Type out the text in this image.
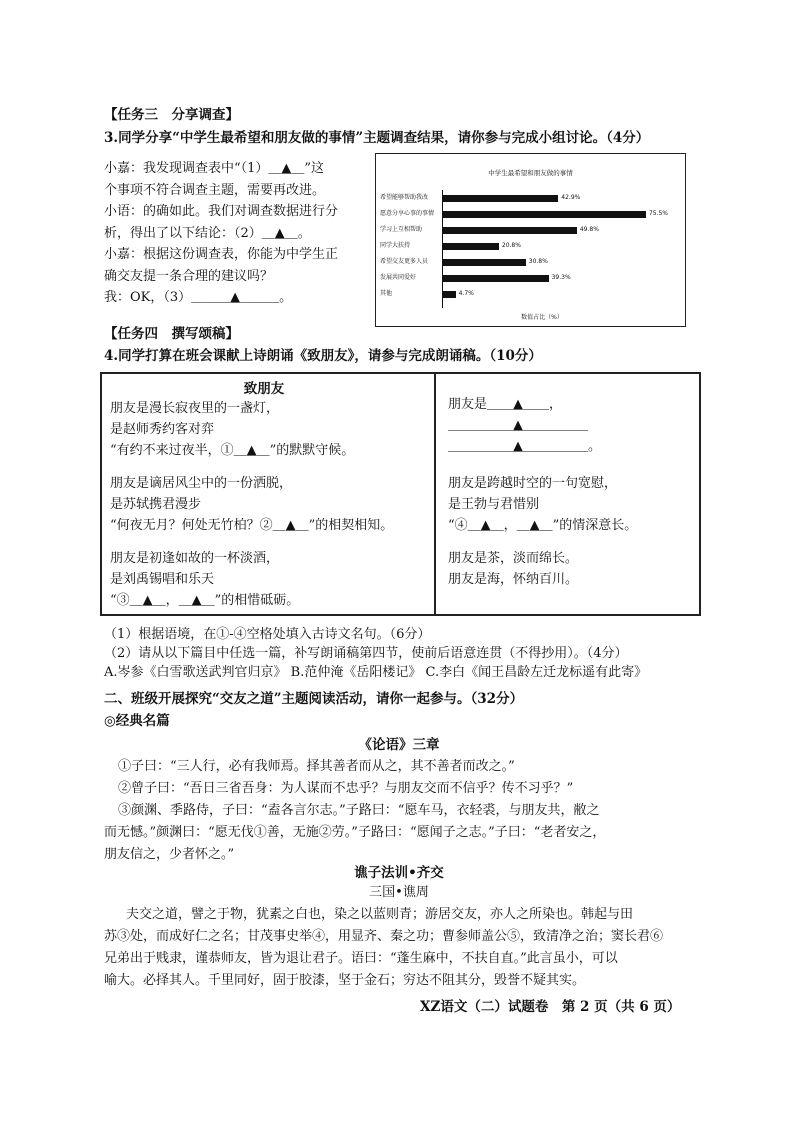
【任务三　分享调查】
3.同学分享“中学生最希望和朋友做的事情”主题调查结果，请你参与完成小组讨论。（4分）
小嘉：我发现调查表中“（1）＿▲＿”这
个事项不符合调查主题，需要再改进。
小语：的确如此。我们对调查数据进行分
析，得出了以下结论：（2）＿▲＿。
小嘉：根据这份调查表，你能为中学生正
确交友提一条合理的建议吗？
我：OK，（3）＿＿＿▲＿＿＿。
中学生最希望和朋友做的事情
希望能够帮助我改	42.9%
愿意分享心事的事情	75.5%
学习上互相帮助	49.8%
同学大扶持	20.8%
希望交友更多人员	30.8%
发展共同爱好	39.3%
其他	4.7%
数值占比（%）
【任务四　撰写颂稿】
4.同学打算在班会课献上诗朗诵《致朋友》，请参与完成朗诵稿。（10分）
致朋友
朋友是漫长寂夜里的一盏灯，
是赵师秀约客对弈
“有约不来过夜半，①＿▲＿”的默默守候。
朋友是谪居风尘中的一份洒脱，
是苏轼携君漫步
“何夜无月？何处无竹柏？②＿▲＿”的相契相知。
朋友是初逢如故的一杯淡酒，
是刘禹锡唱和乐天
“③＿▲＿，＿▲＿”的相惜砥砺。
朋友是＿＿▲＿＿，
＿＿＿＿＿▲＿＿＿＿＿
＿＿＿＿＿▲＿＿＿＿＿。
朋友是跨越时空的一句宽慰，
是王勃与君惜别
“④＿▲＿，＿▲＿”的情深意长。
朋友是茶，淡而绵长。
朋友是海，怀纳百川。
（1）根据语境，在①-④空格处填入古诗文名句。（6分）
（2）请从以下篇目中任选一篇，补写朗诵稿第四节，使前后语意连贯（不得抄用）。（4分）
A.岑参《白雪歌送武判官归京》 B.范仲淹《岳阳楼记》 C.李白《闻王昌龄左迁龙标遥有此寄》
二、班级开展探究“交友之道”主题阅读活动，请你一起参与。（32分）
◎经典名篇
《论语》三章
①子曰：“三人行，必有我师焉。择其善者而从之，其不善者而改之。”
②曾子曰：“吾日三省吾身：为人谋而不忠乎？与朋友交而不信乎？传不习乎？”
③颜渊、季路侍，子曰：“盍各言尔志。”子路曰：“愿车马，衣轻裘，与朋友共，敝之
而无憾。”颜渊曰：“愿无伐①善，无施②劳。”子路曰：“愿闻子之志。”子曰：“老者安之，
朋友信之，少者怀之。”
谯子法训•齐交
三国•谯周
夫交之道，譬之于物，犹素之白也，染之以蓝则青；游居交友，亦人之所染也。韩起与田
苏③处，而成好仁之名；甘茂事史举④，用显齐、秦之功；曹参师盖公⑤，致清净之治；窦长君⑥
兄弟出于贱隶，谨恭师友，皆为退让君子。语曰：“蓬生麻中，不扶自直。”此言虽小，可以
喻大。必择其人。千里同好，固于胶漆，坚于金石；穷达不阻其分，毁誉不疑其实。
XZ语文（二）试题卷　第 2 页（共 6 页）
